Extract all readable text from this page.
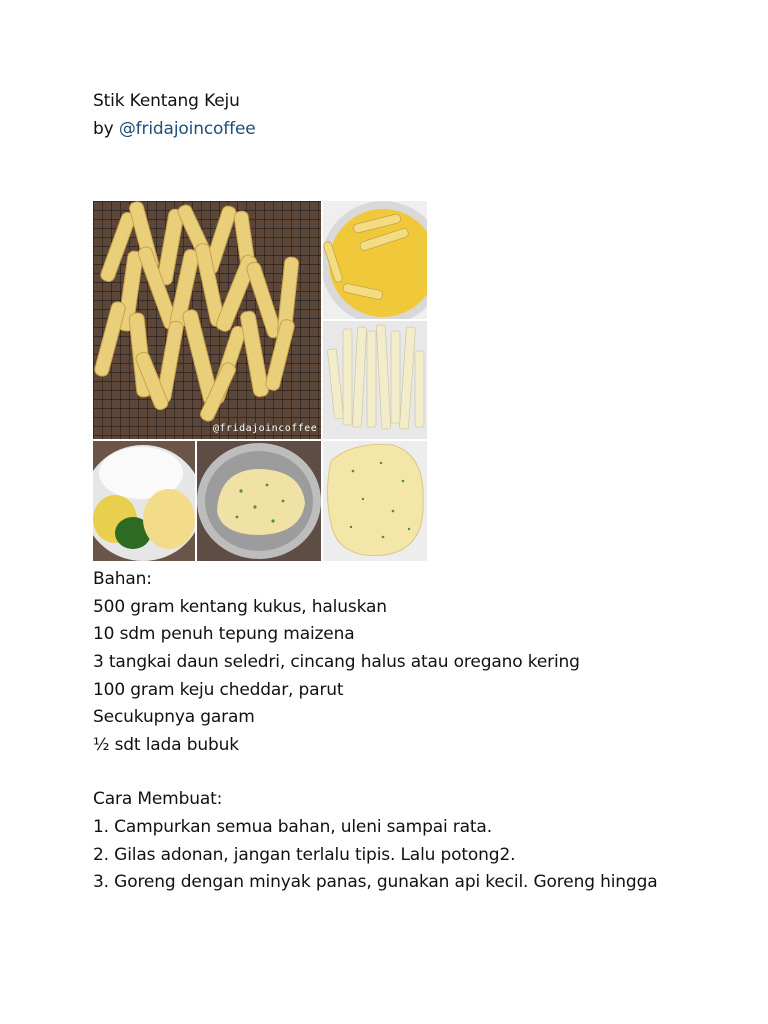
Stik Kentang Keju
by @fridajoincoffee
@fridajoincoffee
Bahan:
500 gram kentang kukus, haluskan
10 sdm penuh tepung maizena
3 tangkai daun seledri, cincang halus atau oregano kering
100 gram keju cheddar, parut
Secukupnya garam
½ sdt lada bubuk
Cara Membuat:
1. Campurkan semua bahan, uleni sampai rata.
2. Gilas adonan, jangan terlalu tipis. Lalu potong2.
3. Goreng dengan minyak panas, gunakan api kecil. Goreng hingga
